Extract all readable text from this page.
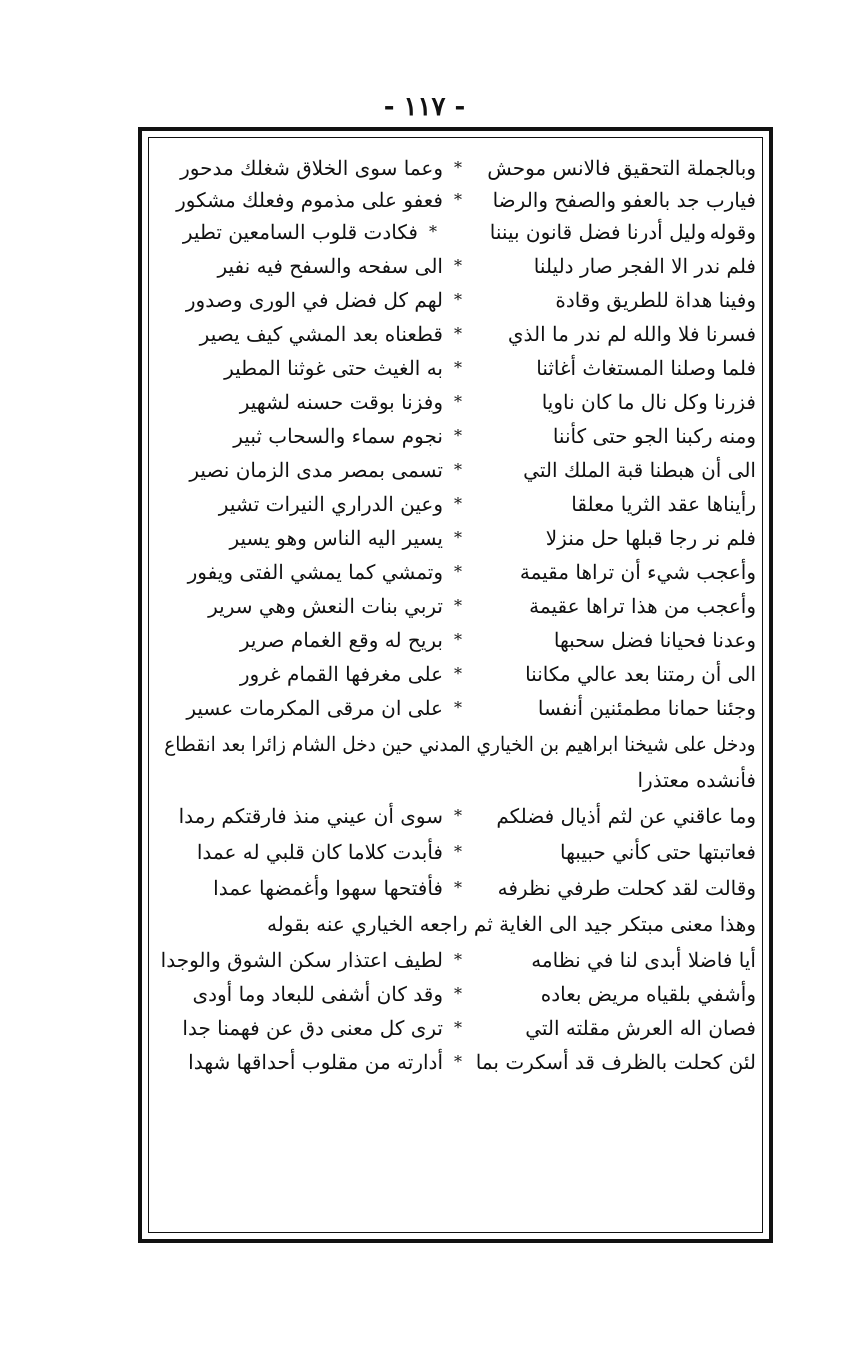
- ١١٧ -
وبالجملة التحقيق فالانس موحش
*
وعما سوى الخلاق شغلك مدحور
فيارب جد بالعفو والصفح والرضا
*
فعفو على مذموم وفعلك مشكور
وقوله
وليل أدرنا فضل قانون بيننا
*
فكادت قلوب السامعين تطير
فلم ندر الا الفجر صار دليلنا
*
الى سفحه والسفح فيه نفير
وفينا هداة للطريق وقادة
*
لهم كل فضل في الورى وصدور
فسرنا فلا والله لم ندر ما الذي
*
قطعناه بعد المشي كيف يصير
فلما وصلنا المستغاث أغاثنا
*
به الغيث حتى غوثنا المطير
فزرنا وكل نال ما كان ناويا
*
وفزنا بوقت حسنه لشهير
ومنه ركبنا الجو حتى كأننا
*
نجوم سماء والسحاب ثبير
الى أن هبطنا قبة الملك التي
*
تسمى بمصر مدى الزمان نصير
رأيناها عقد الثريا معلقا
*
وعين الدراري النيرات تشير
فلم نر رجا قبلها حل منزلا
*
يسير اليه الناس وهو يسير
وأعجب شيء أن تراها مقيمة
*
وتمشي كما يمشي الفتى ويفور
وأعجب من هذا تراها عقيمة
*
تربي بنات النعش وهي سرير
وعدنا فحيانا فضل سحبها
*
بريح له وقع الغمام صرير
الى أن رمتنا بعد عالي مكاننا
*
على مغرفها القمام غرور
وجئنا حمانا مطمئنين أنفسا
*
على ان مرقى المكرمات عسير
ودخل على شيخنا ابراهيم بن الخياري المدني حين دخل الشام زائرا بعد انقطاع
فأنشده معتذرا
وما عاقني عن لثم أذيال فضلكم
*
سوى أن عيني منذ فارقتكم رمدا
فعاتبتها حتى كأني حبيبها
*
فأبدت كلاما كان قلبي له عمدا
وقالت لقد كحلت طرفي نظرفه
*
فأفتحها سهوا وأغمضها عمدا
وهذا معنى مبتكر جيد الى الغاية ثم راجعه الخياري عنه بقوله
أيا فاضلا أبدى لنا في نظامه
*
لطيف اعتذار سكن الشوق والوجدا
وأشفي بلقياه مريض بعاده
*
وقد كان أشفى للبعاد وما أودى
فصان اله العرش مقلته التي
*
ترى كل معنى دق عن فهمنا جدا
لئن كحلت بالظرف قد أسكرت بما
*
أدارته من مقلوب أحداقها شهدا
